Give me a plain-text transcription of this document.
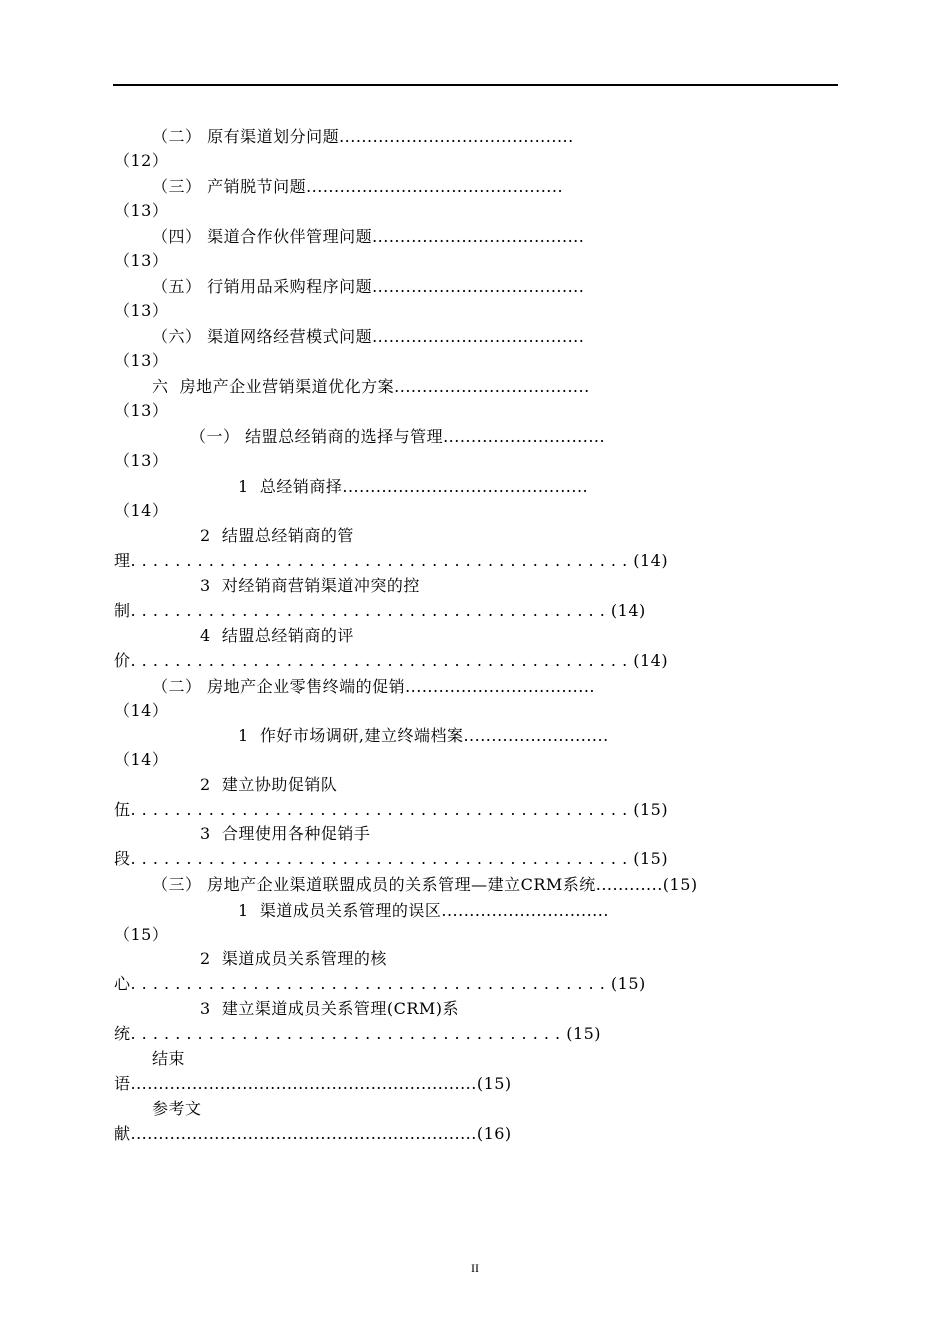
（二） 原有渠道划分问题..........................................
（12）
（三） 产销脱节问题..............................................
（13）
（四） 渠道合作伙伴管理问题......................................
（13）
（五） 行销用品采购程序问题......................................
（13）
（六） 渠道网络经营模式问题......................................
（13）
六  房地产企业营销渠道优化方案...................................
（13）
（一） 结盟总经销商的选择与管理.............................
（13）
1  总经销商择............................................
（14）
2  结盟总经销商的管
理. . . . . . . . . . . . . . . . . . . . . . . . . . . . . . . . . . . . . . . . . . . . . (14)
3  对经销商营销渠道冲突的控
制. . . . . . . . . . . . . . . . . . . . . . . . . . . . . . . . . . . . . . . . . . . (14)
4  结盟总经销商的评
价. . . . . . . . . . . . . . . . . . . . . . . . . . . . . . . . . . . . . . . . . . . . . (14)
（二） 房地产企业零售终端的促销..................................
（14）
1  作好市场调研,建立终端档案..........................
（14）
2  建立协助促销队
伍. . . . . . . . . . . . . . . . . . . . . . . . . . . . . . . . . . . . . . . . . . . . . (15)
3  合理使用各种促销手
段. . . . . . . . . . . . . . . . . . . . . . . . . . . . . . . . . . . . . . . . . . . . . (15)
（三） 房地产企业渠道联盟成员的关系管理—建立CRM系统............(15)
1  渠道成员关系管理的误区..............................
（15）
2  渠道成员关系管理的核
心. . . . . . . . . . . . . . . . . . . . . . . . . . . . . . . . . . . . . . . . . . . (15)
3  建立渠道成员关系管理(CRM)系
统. . . . . . . . . . . . . . . . . . . . . . . . . . . . . . . . . . . . . . . (15)
结束
语..............................................................(15)
参考文
献..............................................................(16)
II
